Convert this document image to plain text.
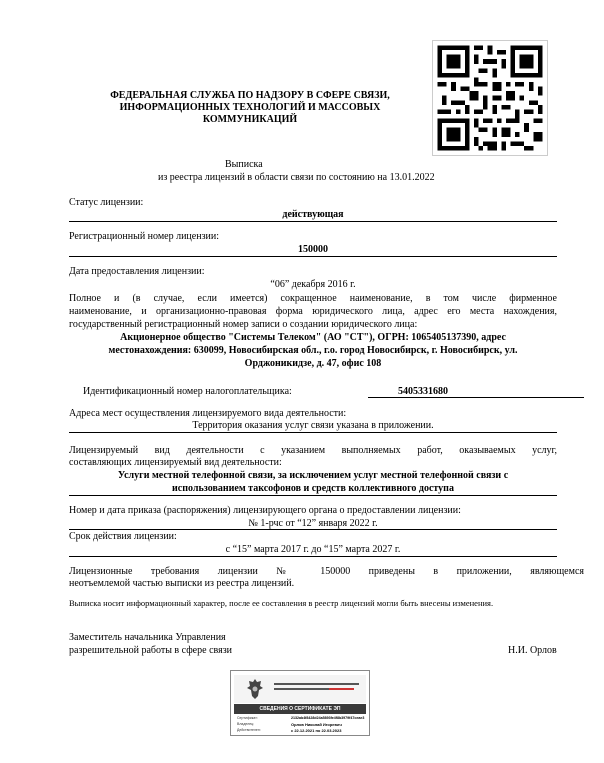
ФЕДЕРАЛЬНАЯ СЛУЖБА ПО НАДЗОРУ В СФЕРЕ СВЯЗИ,
ИНФОРМАЦИОННЫХ ТЕХНОЛОГИЙ И МАССОВЫХ
КОММУНИКАЦИЙ
Выписка
из реестра лицензий в области связи по состоянию на 13.01.2022
Статус лицензии:
действующая
Регистрационный номер лицензии:
150000
Дата предоставления лицензии:
“06” декабря 2016 г.
Полное и (в случае, если имеется) сокращенное наименование, в том числе фирменное
наименование, и организационно-правовая форма юридического лица, адрес его места нахождения,
государственный регистрационный номер записи о создании юридического лица:
Акционерное общество "Системы Телеком" (АО "СТ"), ОГРН: 1065405137390, адрес
местонахождения: 630099, Новосибирская обл., г.о. город Новосибирск, г. Новосибирск, ул.
Орджоникидзе, д. 47, офис 108
Идентификационный номер налогоплательщика:	5405331680
Адреса мест осуществления лицензируемого вида деятельности:
Территория оказания услуг связи указана в приложении.
Лицензируемый вид деятельности с указанием выполняемых работ, оказываемых услуг,
составляющих лицензируемый вид деятельности:
Услуги местной телефонной связи, за исключением услуг местной телефонной связи с
использованием таксофонов и средств коллективного доступа
Номер и дата приказа (распоряжения) лицензирующего органа о предоставлении лицензии:
№ 1-рчс от “12” января 2022 г.
Срок действия лицензии:
с “15” марта 2017 г. до “15” марта 2027 г.
Лицензионные требования лицензии № 150000 приведены в приложении, являющемся
неотъемлемой частью выписки из реестра лицензий.
Выписка носит информационный характер, после ее составления в реестр лицензий могли быть внесены изменения.
Заместитель начальника Управления
разрешительной работы в сфере связи	Н.И. Орлов
СВЕДЕНИЯ О СЕРТИФИКАТЕ ЭП
Сертификат:	2132ab4f8428d24a5893fe4f8b3979f47ceae3
Владелец:	Орлов Николай Игоревич
Действителен:	с 22.12.2021 по 22.03.2023
